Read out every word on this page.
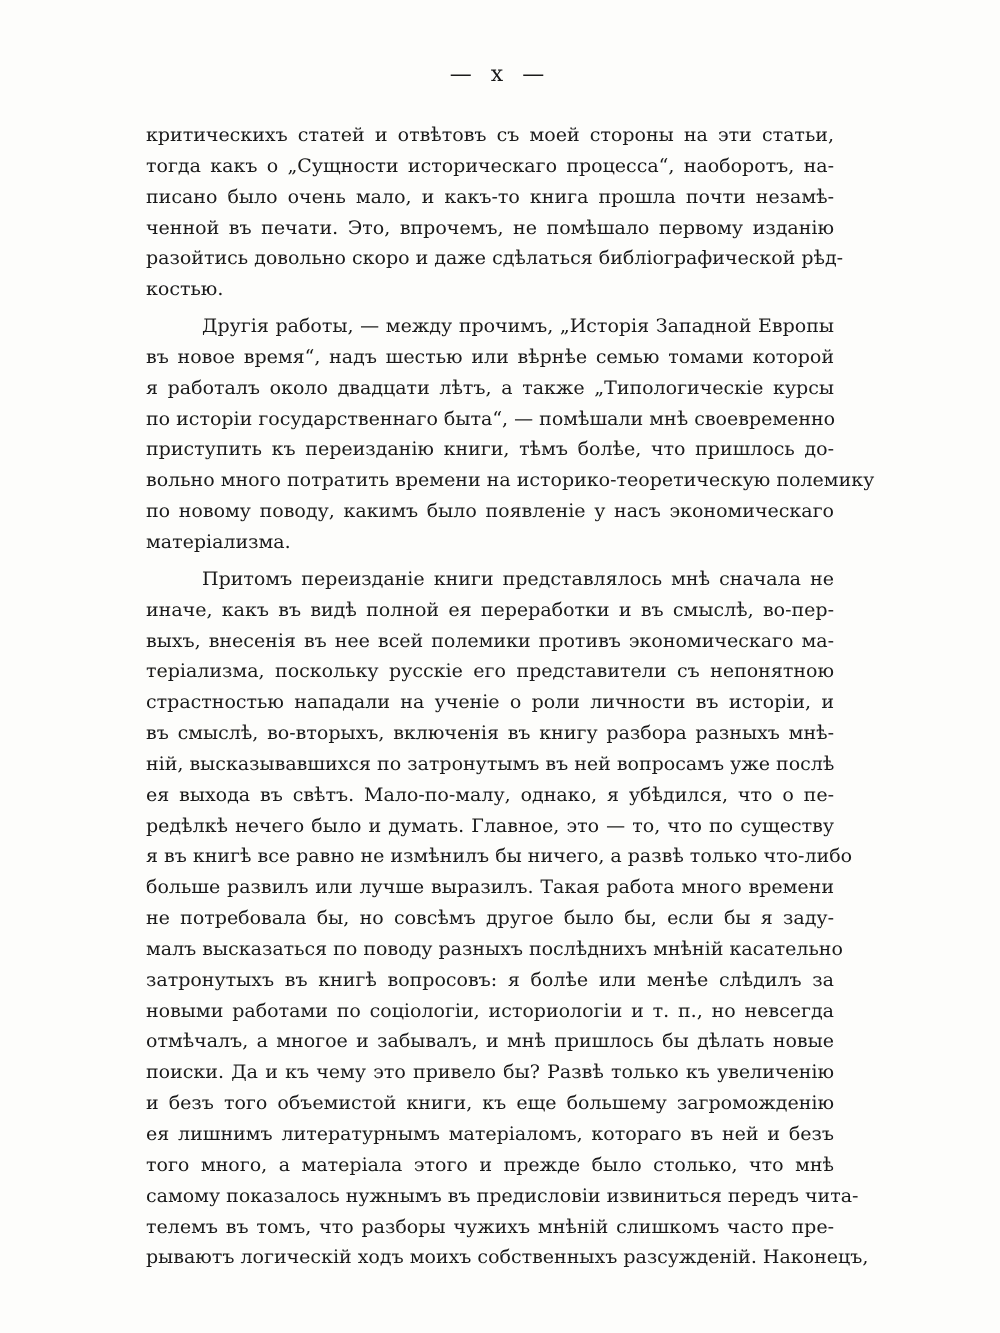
— x —
критическихъ статей и отвѣтовъ съ моей стороны на эти статьи,
тогда какъ о „Сущности историческаго процесса“, наоборотъ, на-
писано было очень мало, и какъ-то книга прошла почти незамѣ-
ченной въ печати. Это, впрочемъ, не помѣшало первому изданію
разойтись довольно скоро и даже сдѣлаться библіографической рѣд-
костью.
Другія работы, — между прочимъ, „Исторія Западной Европы
въ новое время“, надъ шестью или вѣрнѣе семью томами которой
я работалъ около двадцати лѣтъ, а также „Типологическіе курсы
по исторіи государственнаго быта“, — помѣшали мнѣ своевременно
приступить къ переизданію книги, тѣмъ болѣе, что пришлось до-
вольно много потратить времени на историко-теоретическую полемику
по новому поводу, какимъ было появленіе у насъ экономическаго
матеріализма.
Притомъ переизданіе книги представлялось мнѣ сначала не
иначе, какъ въ видѣ полной ея переработки и въ смыслѣ, во-пер-
выхъ, внесенія въ нее всей полемики противъ экономическаго ма-
теріализма, поскольку русскіе его представители съ непонятною
страстностью нападали на ученіе о роли личности въ исторіи, и
въ смыслѣ, во-вторыхъ, включенія въ книгу разбора разныхъ мнѣ-
ній, высказывавшихся по затронутымъ въ ней вопросамъ уже послѣ
ея выхода въ свѣтъ. Мало-по-малу, однако, я убѣдился, что о пе-
редѣлкѣ нечего было и думать. Главное, это — то, что по существу
я въ книгѣ все равно не измѣнилъ бы ничего, а развѣ только что-либо
больше развилъ или лучше выразилъ. Такая работа много времени
не потребовала бы, но совсѣмъ другое было бы, если бы я заду-
малъ высказаться по поводу разныхъ послѣднихъ мнѣній касательно
затронутыхъ въ книгѣ вопросовъ: я болѣе или менѣе слѣдилъ за
новыми работами по соціологіи, историологіи и т. п., но невсегда
отмѣчалъ, а многое и забывалъ, и мнѣ пришлось бы дѣлать новые
поиски. Да и къ чему это привело бы? Развѣ только къ увеличенію
и безъ того объемистой книги, къ еще большему загроможденію
ея лишнимъ литературнымъ матеріаломъ, котораго въ ней и безъ
того много, а матеріала этого и прежде было столько, что мнѣ
самому показалось нужнымъ въ предисловіи извиниться передъ чита-
телемъ въ томъ, что разборы чужихъ мнѣній слишкомъ часто пре-
рываютъ логическій ходъ моихъ собственныхъ разсужденій. Наконецъ,
